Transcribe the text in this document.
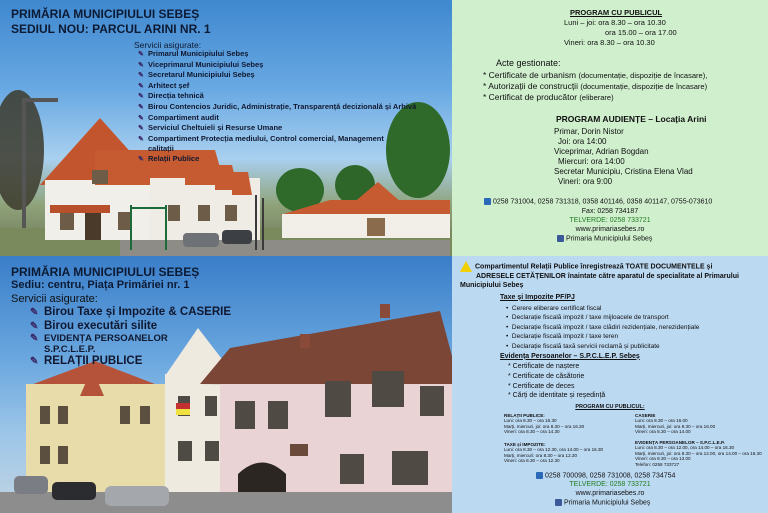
PRIMĂRIA MUNICIPIULUI SEBEȘ
SEDIUL NOU: PARCUL ARINI NR. 1
Servicii asigurate:
✎ Primarul Municipiului Sebeș
✎ Viceprimarul Municipiului Sebeș
✎ Secretarul Municipiului Sebeș
✎ Arhitect șef
✎ Direcția tehnică
✎ Birou Contencios Juridic, Administrație, Transparență decizională și Arhivă
✎ Compartiment audit
✎ Serviciul Cheltuieli și Resurse Umane
✎ Compartiment Protecția mediului, Control comercial, Management
calitații
✎ Relații Publice
PROGRAM CU PUBLICUL
Luni – joi: ora 8.30 – ora 10.30
ora 15.00 – ora 17.00
Vineri: ora 8.30 – ora 10.30
Acte gestionate:
* Certificate de urbanism (documentație, dispoziție de încasare),
* Autorizații de construcții (documentație, dispoziție de încasare)
* Certificat de producător (eliberare)
PROGRAM AUDIENȚE – Locația Arini
Primar, Dorin Nistor
Joi: ora 14:00
Viceprimar, Adrian Bogdan
Miercuri: ora 14:00
Secretar Municipiu, Cristina Elena Vlad
Vineri: ora 9:00
0258 731004, 0258 731318, 0358 401146, 0358 401147, 0755-073610
Fax: 0258 734187
TELVERDE: 0258 733721
www.primariasebes.ro
Primaria Municipiului Sebeș
PRIMĂRIA MUNICIPIULUI SEBEȘ
Sediu: centru, Piața Primăriei nr. 1
Servicii asigurate:
✎ Birou Taxe și Impozite & CASERIE
✎ Birou executări silite
✎ EVIDENȚA PERSOANELOR
S.P.C.L.E.P.
✎ RELAȚII PUBLICE
Compartimentul Relații Publice înregistrează TOATE DOCUMENTELE și
ADRESELE CETĂȚENILOR înaintate către aparatul de specialitate al Primarului
Municipiului Sebeș
Taxe și Impozite PF/PJ
•  Cerere eliberare certificat fiscal
•  Declarație fiscală impozit / taxe mijloacele de transport
•  Declarație fiscală impozit / taxe clădiri rezidențiale, nerezidențiale
•  Declarație fiscală impozit / taxe teren
•  Declarație fiscală taxă servicii reclamă și publicitate
Evidența Persoanelor – S.P.C.L.E.P. Sebeș
* Certificate de naștere
* Certificate de căsătorie
* Certificate de deces
* Cărți de identitate și reședință
PROGRAM CU PUBLICUL:
RELAȚII PUBLICE:
Luni: ora 8.30 – ora 16.30
Marți, miercuri, joi: ora 8.30 – ora 16.30
Vineri: ora 8.30 – ora 14.30
CASERIE
Luni: ora 8.30 – ora 16.00
Marți, miercuri, joi: ora 8.30 – ora 16.00
Vineri: ora 8.30 – ora 14.00
TAXE și IMPOZITE:
Luni: ora 8.30 – ora 12.30, ora 14.00 – ora 16.30
Marți, miercuri: ora 8.30 – ora 12.30
Vineri: ora 8.30 – ora 12.30
EVIDENȚA PERSOANELOR – S.P.C.L.E.P.
Luni: ora 8.30 – ora 12.00, ora 14.00 – ora 16.30
Marți, miercuri, joi: ora 8.30 – ora 12.00, ora 14.00 – ora 16.30
Vineri: ora 8.30 – ora 13.00
Telefon: 0258 733727
0258 700098, 0258 731008, 0258 734754
TELVERDE: 0258 733721
www.primariasebes.ro
Primaria Municipiului Sebeș
